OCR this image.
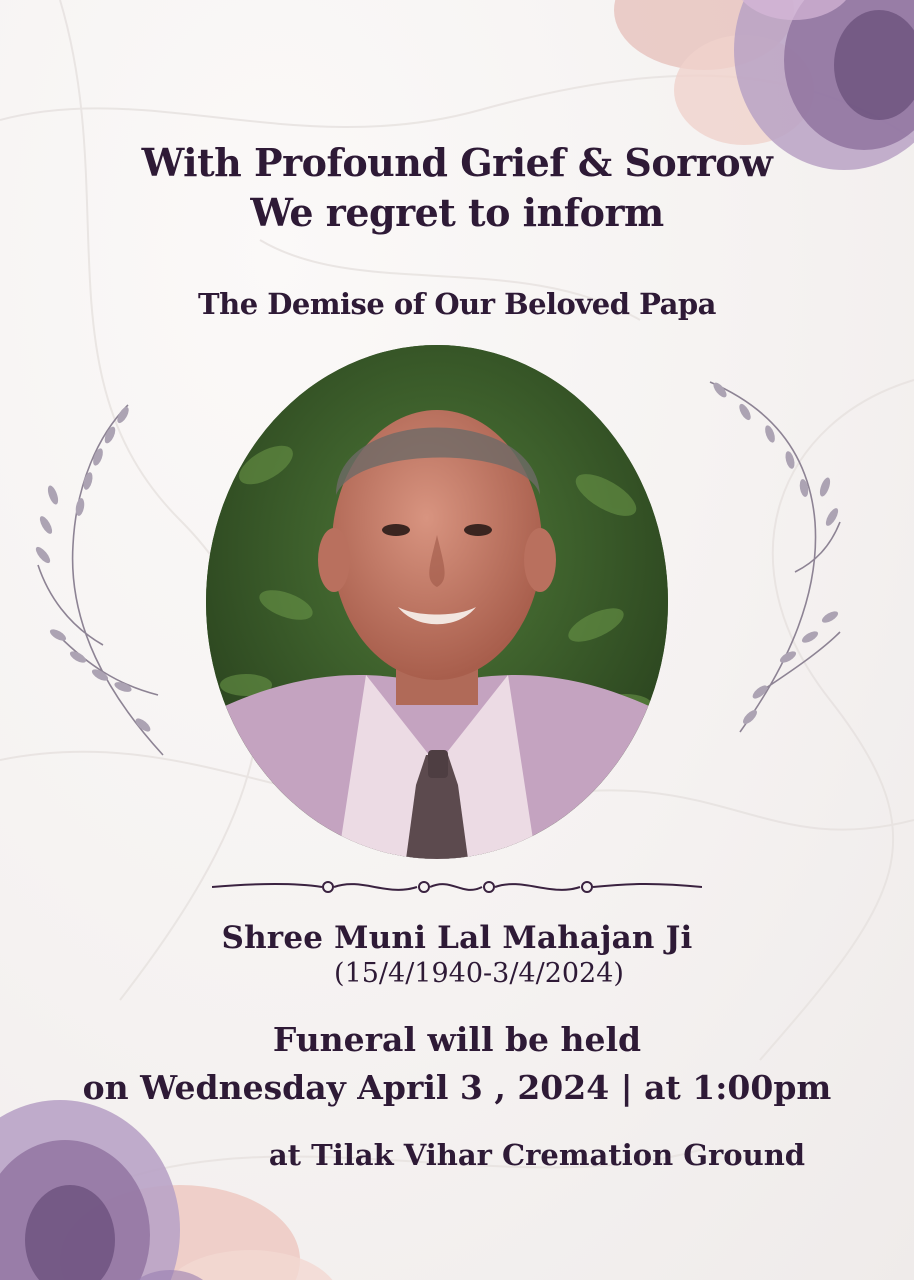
With Profound Grief & Sorrow
We regret to inform
The Demise of Our Beloved Papa
Shree Muni Lal Mahajan Ji
(15/4/1940-3/4/2024)
Funeral will be held
on Wednesday April 3 , 2024 | at 1:00pm
at Tilak Vihar Cremation Ground
